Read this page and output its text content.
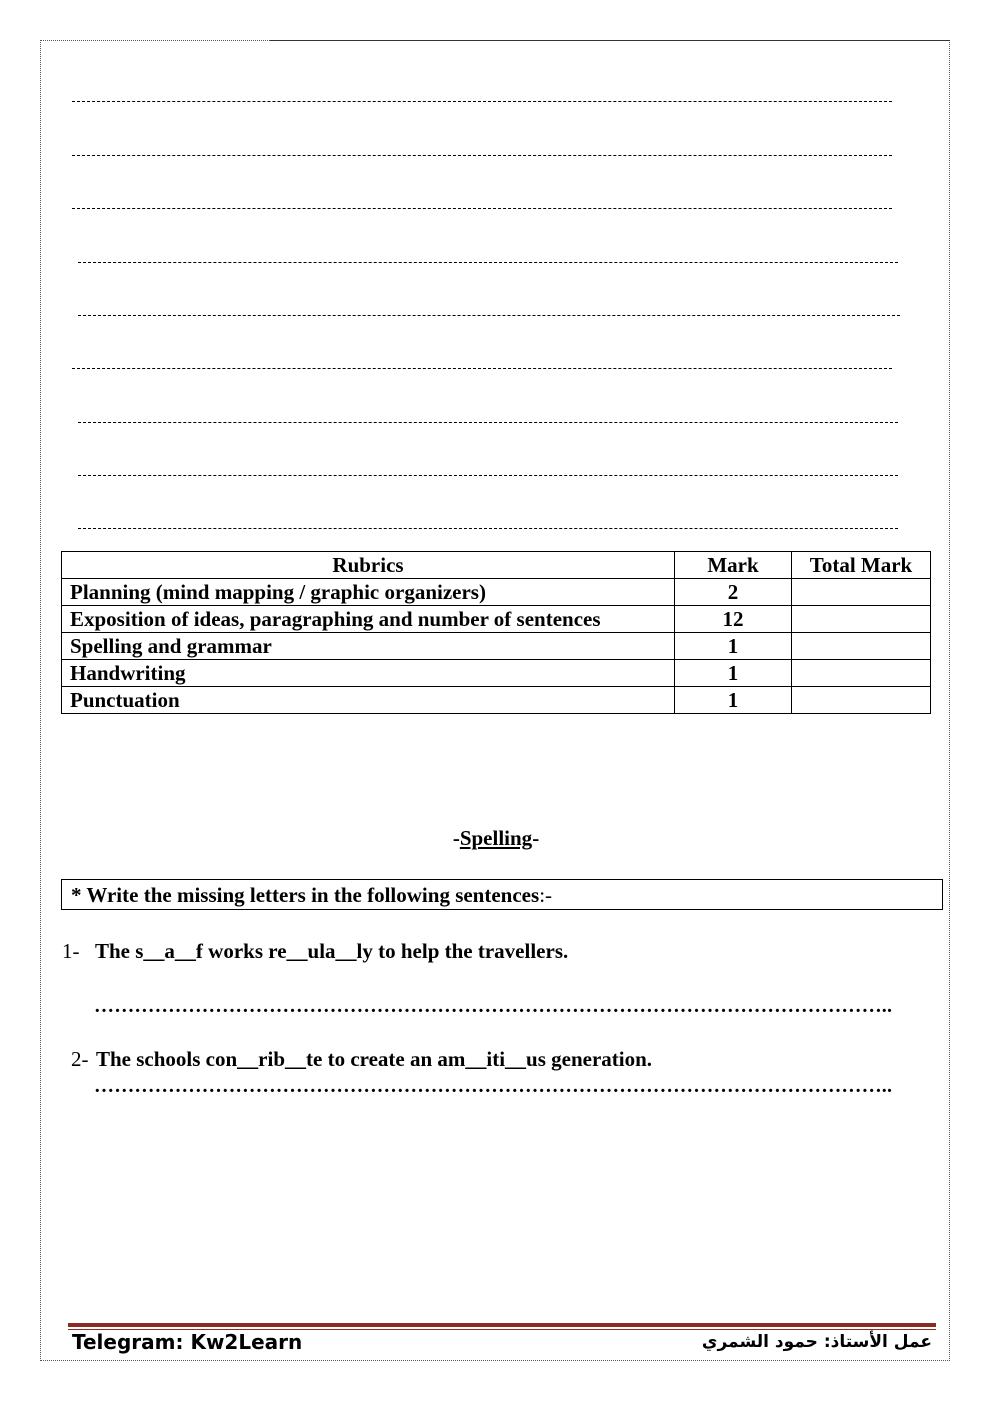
Rubrics	Mark	Total Mark
Planning (mind mapping / graphic organizers)	2	
Exposition of ideas, paragraphing and number of sentences	12	
Spelling and grammar	1	
Handwriting	1	
Punctuation	1	
-Spelling-
* Write the missing letters in the following sentences:-
1- The s__a__f works re__ula__ly to help the travellers.
………………………………………………………………………………………………………..
2- The schools con__rib__te to create an am__iti__us generation.
………………………………………………………………………………………………………..
Telegram: Kw2Learn	عمل الأستاذ: حمود الشمري
